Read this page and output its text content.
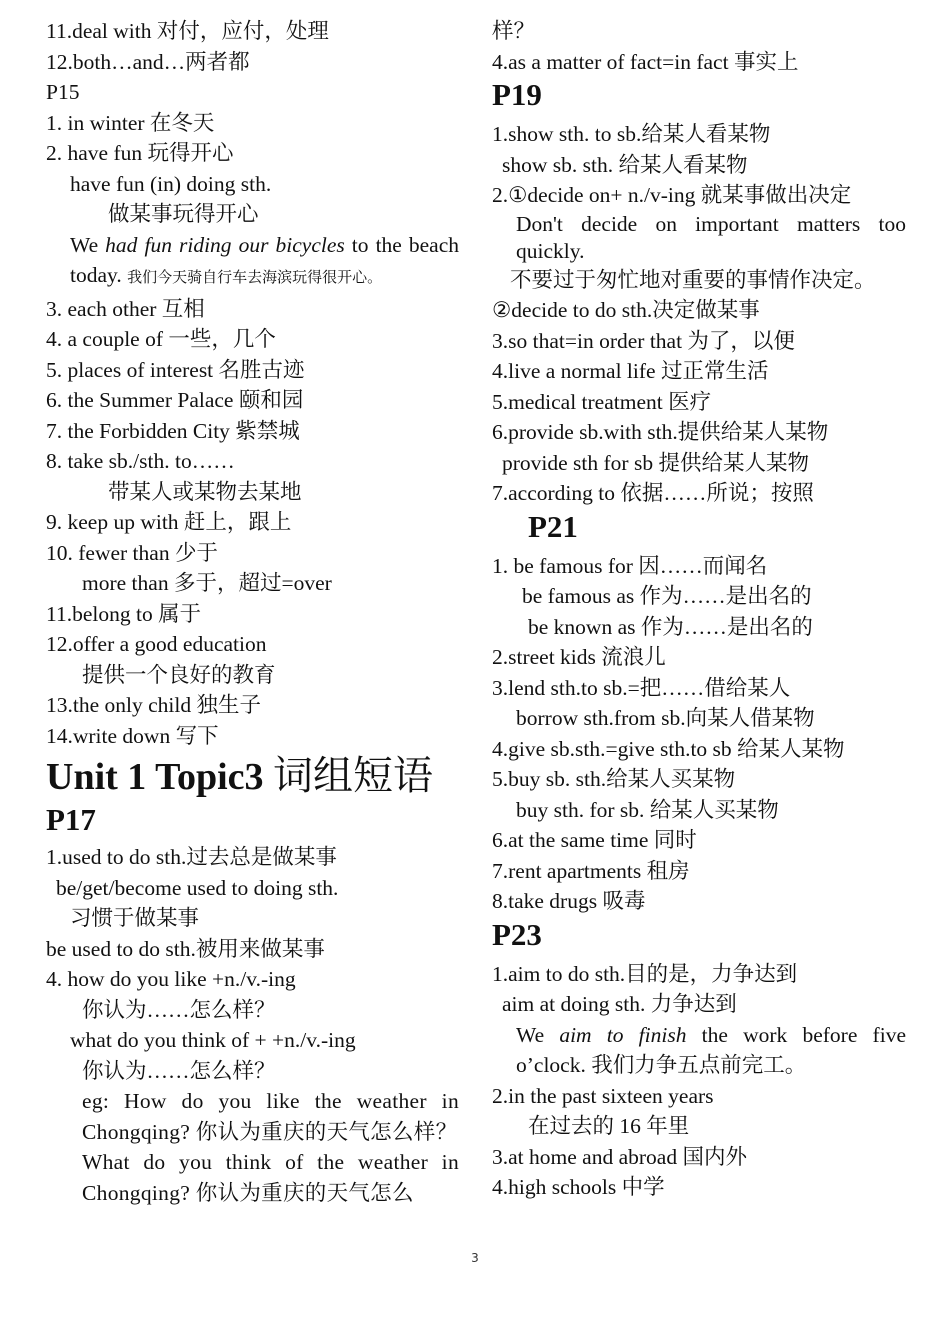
11.deal with 对付，应付，处理

12.both…and…两者都

P15

1. in winter 在冬天

2. have fun 玩得开心

have fun (in) doing sth.

做某事玩得开心

We had fun riding our bicycles to the beach today. 我们今天骑自行车去海滨玩得很开心。

3. each other 互相

4. a couple of 一些，几个

5. places of interest 名胜古迹

6. the Summer Palace 颐和园

7. the Forbidden City 紫禁城

8. take sb./sth. to……

带某人或某物去某地

9. keep up with 赶上，跟上

10. fewer than 少于

more than 多于，超过=over

11.belong to 属于

12.offer a good education

提供一个良好的教育

13.the only child 独生子

14.write down 写下

Unit 1 Topic3 词组短语

P17

1.used to do sth.过去总是做某事

be/get/become used to doing sth.

习惯于做某事

be used to do sth.被用来做某事

4. how do you like +n./v.-ing

你认为……怎么样？

what do you think of + +n./v.-ing

你认为……怎么样？

eg: How do you like the weather in Chongqing? 你认为重庆的天气怎么样？

What do you think of the weather in Chongqing? 你认为重庆的天气怎么

样？

4.as a matter of fact=in fact 事实上

P19

1.show sth. to sb.给某人看某物

show sb. sth. 给某人看某物

2.①decide on+ n./v-ing 就某事做出决定

Don't decide on important matters too quickly.

不要过于匆忙地对重要的事情作决定。

②decide to do sth.决定做某事

3.so that=in order that 为了，以便

4.live a normal life 过正常生活

5.medical treatment 医疗

6.provide sb.with sth.提供给某人某物

provide sth for sb 提供给某人某物

7.according to 依据……所说；按照

P21

1. be famous for 因……而闻名

be famous as 作为……是出名的

be known as 作为……是出名的

2.street kids 流浪儿

3.lend sth.to sb.=把……借给某人

borrow sth.from sb.向某人借某物

4.give sb.sth.=give sth.to sb 给某人某物

5.buy sb. sth.给某人买某物

buy sth. for sb. 给某人买某物

6.at the same time 同时

7.rent apartments 租房

8.take drugs 吸毒

P23

1.aim to do sth.目的是，力争达到

aim at doing sth. 力争达到

We aim to finish the work before five o’clock. 我们力争五点前完工。

2.in the past sixteen years

在过去的 16 年里

3.at home and abroad 国内外

4.high schools 中学

3
